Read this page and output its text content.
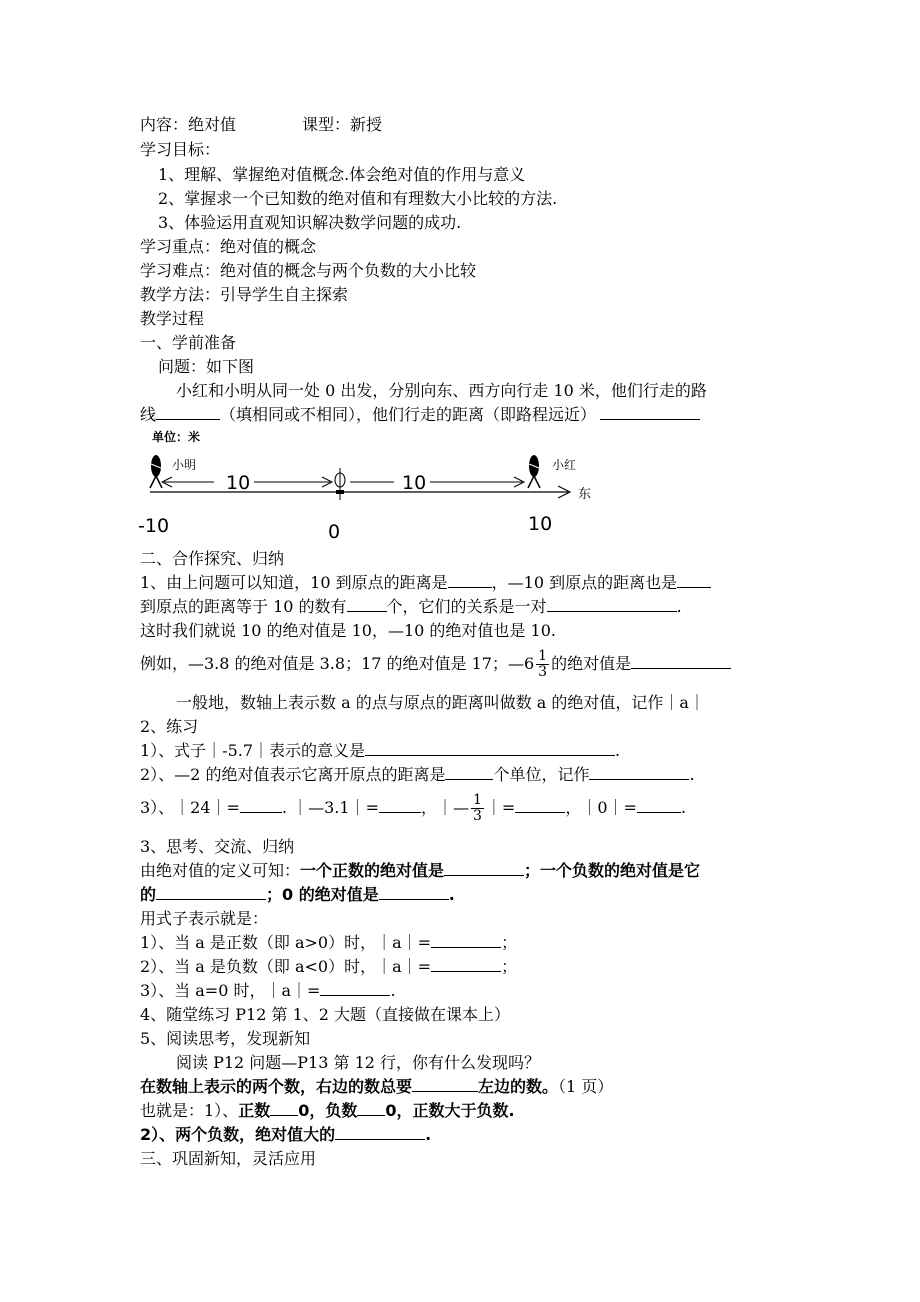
内容：绝对值	课型：新授
学习目标：
1、理解、掌握绝对值概念.体会绝对值的作用与意义
2、掌握求一个已知数的绝对值和有理数大小比较的方法.
3、体验运用直观知识解决数学问题的成功.
学习重点：绝对值的概念
学习难点：绝对值的概念与两个负数的大小比较
教学方法：引导学生自主探索
教学过程
一、学前准备
问题：如下图
小红和小明从同一处 0 出发，分别向东、西方向行走 10 米，他们行走的路
线	（填相同或不相同），他们行走的距离（即路程远近）
单位：米
东
小明
10	10
小红
-10	0	10
二、合作探究、归纳
1、由上问题可以知道，10 到原点的距离是	，—10 到原点的距离也是
到原点的距离等于 10 的数有	个，它们的关系是一对	.
这时我们就说 10 的绝对值是 10，—10 的绝对值也是 10.
例如，—3.8 的绝对值是 3.8；17 的绝对值是 17；—6 $\frac{1}{3}$ 的绝对值是
一般地，数轴上表示数 a 的点与原点的距离叫做数 a 的绝对值，记作｜a｜
2、练习
1）、式子｜-5.7｜表示的意义是	.
2）、—2 的绝对值表示它离开原点的距离是	个单位，记作	.
3）、｜24｜=	. ｜—3.1｜=	，｜— $\frac{1}{3}$ ｜=	，｜0｜=	.
3、思考、交流、归纳
由绝对值的定义可知：一个正数的绝对值是	；一个负数的绝对值是它
的	；0 的绝对值是	.
用式子表示就是：
1）、当 a 是正数（即 a>0）时，｜a｜=	；
2）、当 a 是负数（即 a<0）时，｜a｜=	；
3）、当 a=0 时，｜a｜=	.
4、随堂练习 P12 第 1、2 大题（直接做在课本上）
5、阅读思考，发现新知
阅读 P12 问题—P13 第 12 行，你有什么发现吗？
在数轴上表示的两个数，右边的数总要	左边的数。（1 页）
也就是：1）、正数 0，负数 0，正数大于负数.
2）、两个负数，绝对值大的	.
三、巩固新知，灵活应用
